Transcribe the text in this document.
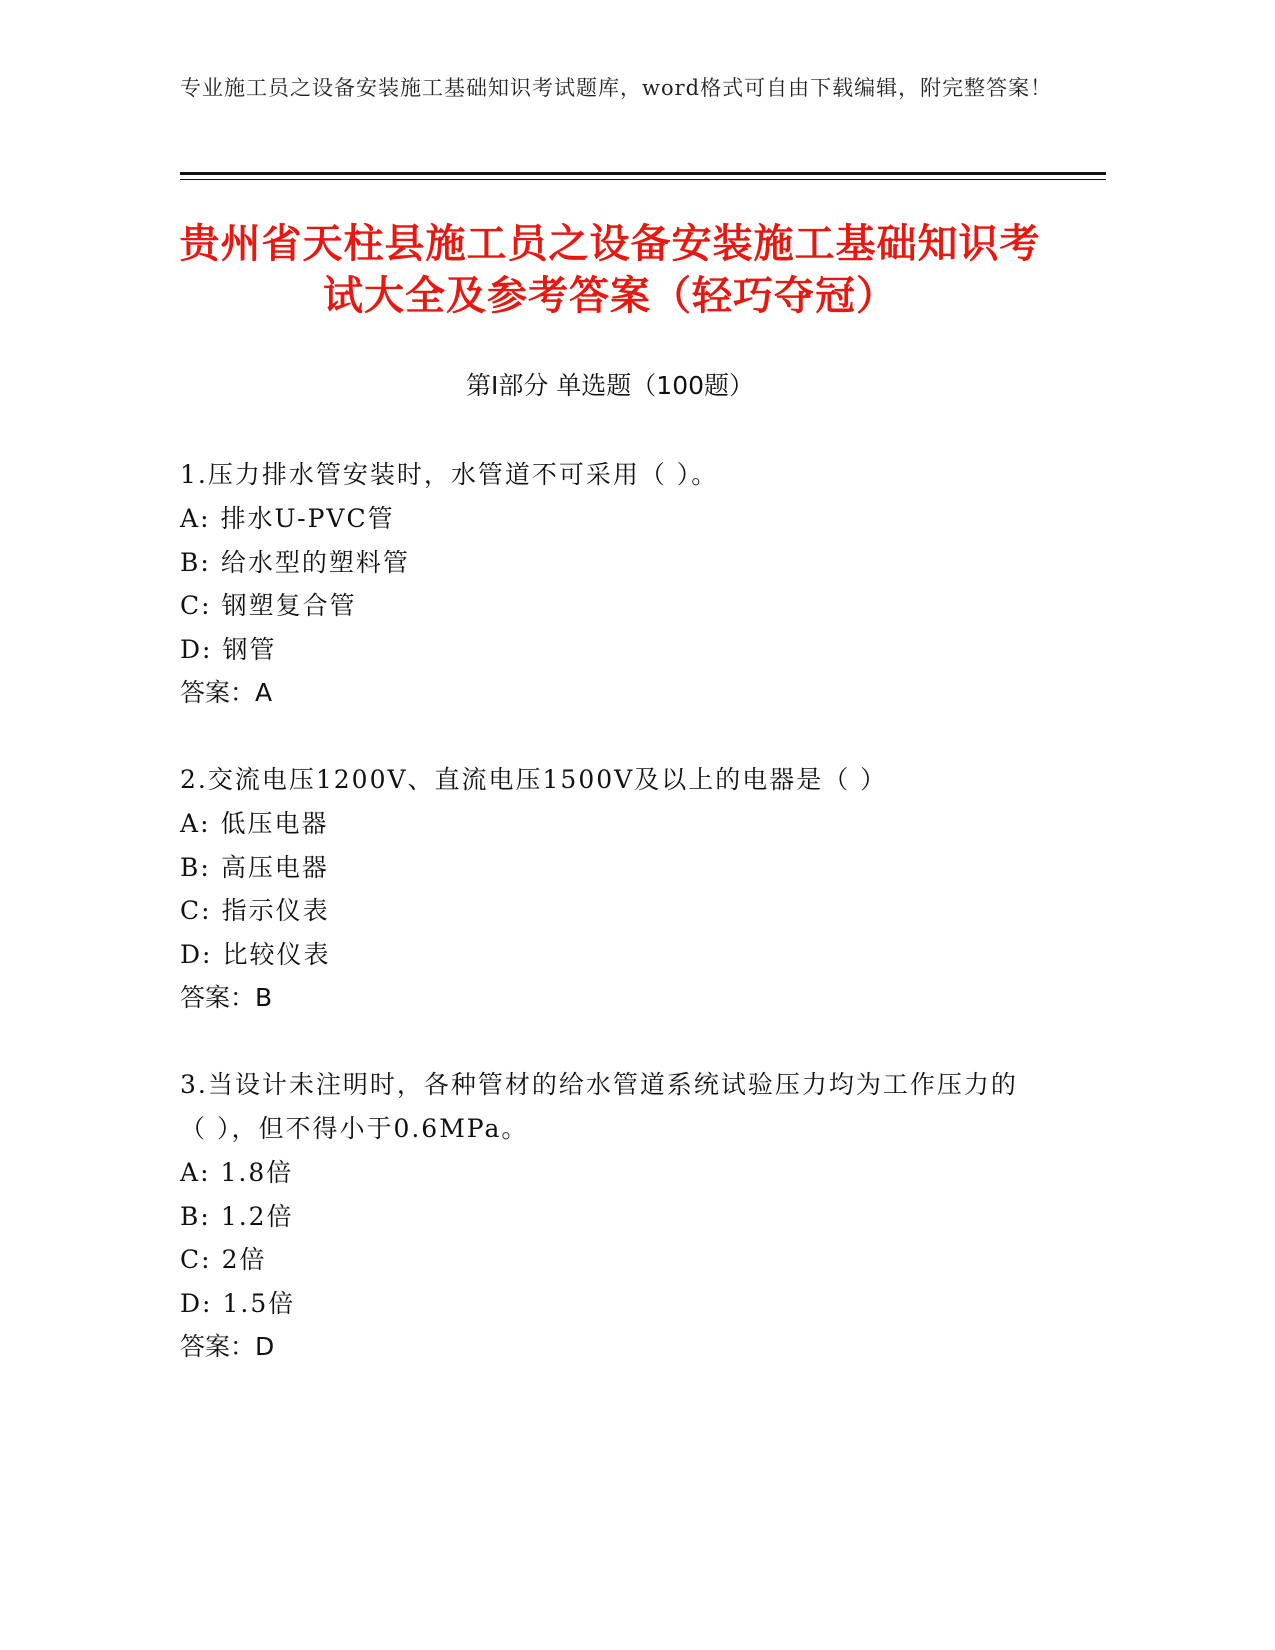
专业施工员之设备安装施工基础知识考试题库，word格式可自由下载编辑，附完整答案！
贵州省天柱县施工员之设备安装施工基础知识考试大全及参考答案（轻巧夺冠）
第Ⅰ部分 单选题（100题）
1.压力排水管安装时，水管道不可采用（ ）。
A: 排水U-PVC管
B: 给水型的塑料管
C: 钢塑复合管
D: 钢管
答案：A
2.交流电压1200V、直流电压1500V及以上的电器是（ ）
A: 低压电器
B: 高压电器
C: 指示仪表
D: 比较仪表
答案：B
3.当设计未注明时，各种管材的给水管道系统试验压力均为工作压力的（ ），但不得小于0.6MPa。
A: 1.8倍
B: 1.2倍
C: 2倍
D: 1.5倍
答案：D
